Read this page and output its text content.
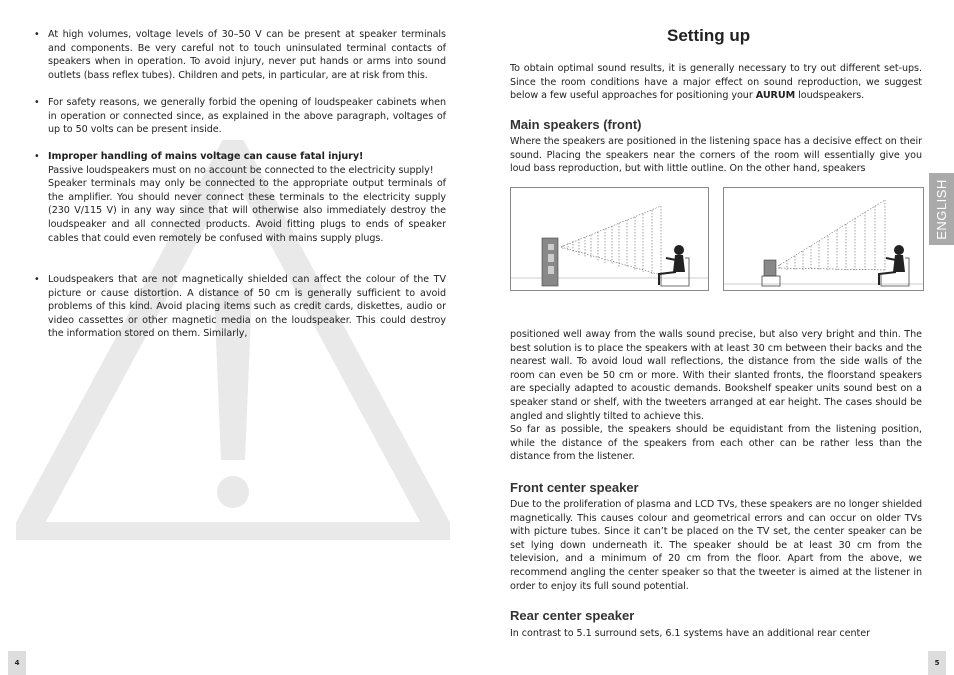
• At high volumes, voltage levels of 30–50 V can be present at speaker terminals and components. Be very careful not to touch uninsulated terminal contacts of speakers when in operation. To avoid injury, never put hands or arms into sound outlets (bass reflex tubes). Children and pets, in particular, are at risk from this.
• For safety reasons, we generally forbid the opening of loudspeaker cabinets when in operation or connected since, as explained in the above paragraph, voltages of up to 50 volts can be present inside.
• Improper handling of mains voltage can cause fatal injury!
Passive loudspeakers must on no account be connected to the electricity supply!
Speaker terminals may only be connected to the appropriate output terminals of the amplifier. You should never connect these terminals to the electricity supply (230 V/115 V) in any way since that will otherwise also immediately destroy the loudspeaker and all connected products. Avoid fitting plugs to ends of speaker cables that could even remotely be confused with mains supply plugs.
• Loudspeakers that are not magnetically shielded can affect the colour of the TV picture or cause distortion. A distance of 50 cm is generally sufficient to avoid problems of this kind. Avoid placing items such as credit cards, diskettes, audio or video cassettes or other magnetic media on the loudspeaker. This could destroy the information stored on them. Similarly,
4
Setting up
To obtain optimal sound results, it is generally necessary to try out different set-ups. Since the room conditions have a major effect on sound reproduction, we suggest below a few useful approaches for positioning your AURUM loudspeakers.
Main speakers (front)
Where the speakers are positioned in the listening space has a decisive effect on their sound. Placing the speakers near the corners of the room will essentially give you loud bass reproduction, but with little outline. On the other hand, speakers
positioned well away from the walls sound precise, but also very bright and thin. The best solution is to place the speakers with at least 30 cm between their backs and the nearest wall. To avoid loud wall reflections, the distance from the side walls of the room can even be 50 cm or more. With their slanted fronts, the floorstand speakers are specially adapted to acoustic demands. Bookshelf speaker units sound best on a speaker stand or shelf, with the tweeters arranged at ear height. The cases should be angled and slightly tilted to achieve this.
So far as possible, the speakers should be equidistant from the listening position, while the distance of the speakers from each other can be rather less than the distance from the listener.
Front center speaker
Due to the proliferation of plasma and LCD TVs, these speakers are no longer shielded magnetically. This causes colour and geometrical errors and can occur on older TVs with picture tubes. Since it can’t be placed on the TV set, the center speaker can be set lying down underneath it. The speaker should be at least 30 cm from the television, and a minimum of 20 cm from the floor. Apart from the above, we recommend angling the center speaker so that the tweeter is aimed at the listener in order to enjoy its full sound potential.
Rear center speaker
In contrast to 5.1 surround sets, 6.1 systems have an additional rear center
ENGLISH
5
